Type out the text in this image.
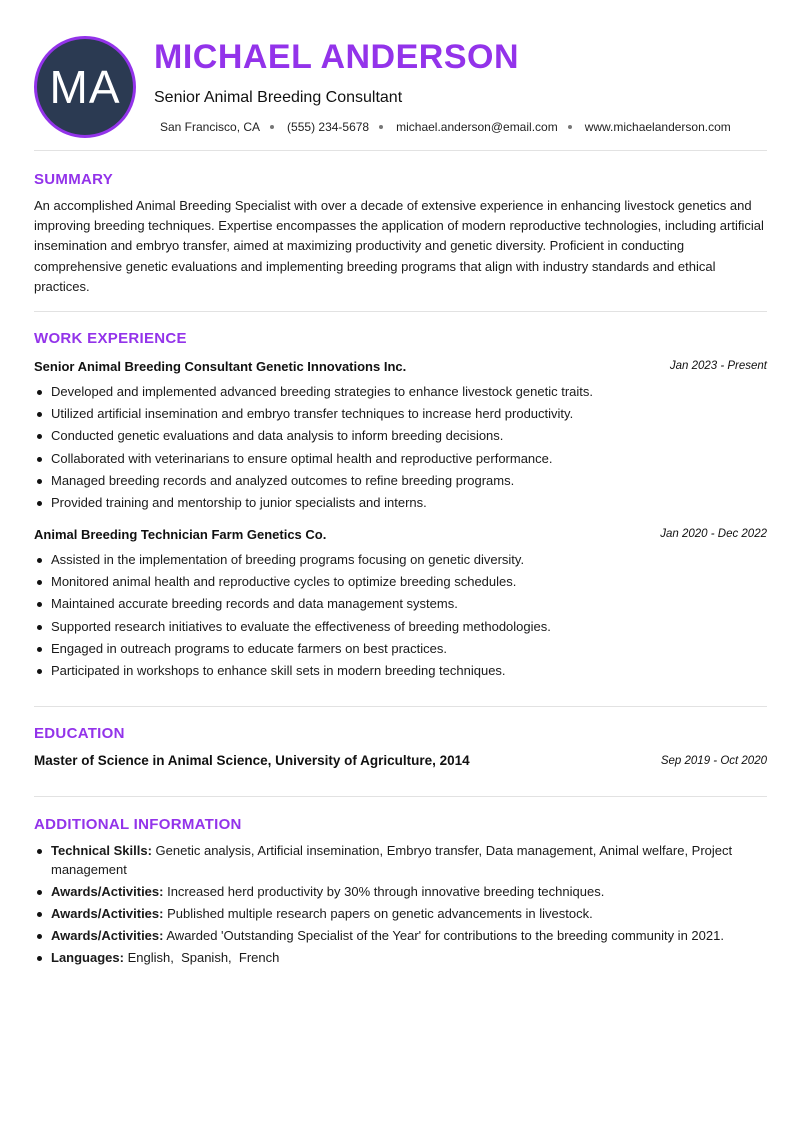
MA
MICHAEL ANDERSON
Senior Animal Breeding Consultant
San Francisco, CA (555) 234-5678 michael.anderson@email.com www.michaelanderson.com
SUMMARY

An accomplished Animal Breeding Specialist with over a decade of extensive experience in enhancing livestock genetics and improving breeding techniques. Expertise encompasses the application of modern reproductive technologies, including artificial insemination and embryo transfer, aimed at maximizing productivity and genetic diversity. Proficient in conducting comprehensive genetic evaluations and implementing breeding programs that align with industry standards and ethical practices.

WORK EXPERIENCE
Senior Animal Breeding Consultant Genetic Innovations Inc.	Jan 2023 - Present
Developed and implemented advanced breeding strategies to enhance livestock genetic traits.
Utilized artificial insemination and embryo transfer techniques to increase herd productivity.
Conducted genetic evaluations and data analysis to inform breeding decisions.
Collaborated with veterinarians to ensure optimal health and reproductive performance.
Managed breeding records and analyzed outcomes to refine breeding programs.
Provided training and mentorship to junior specialists and interns.
Animal Breeding Technician Farm Genetics Co.	Jan 2020 - Dec 2022
Assisted in the implementation of breeding programs focusing on genetic diversity.
Monitored animal health and reproductive cycles to optimize breeding schedules.
Maintained accurate breeding records and data management systems.
Supported research initiatives to evaluate the effectiveness of breeding methodologies.
Engaged in outreach programs to educate farmers on best practices.
Participated in workshops to enhance skill sets in modern breeding techniques.
EDUCATION
Master of Science in Animal Science, University of Agriculture, 2014	Sep 2019 - Oct 2020
ADDITIONAL INFORMATION
Technical Skills: Genetic analysis, Artificial insemination, Embryo transfer, Data management, Animal welfare, Project management
Awards/Activities: Increased herd productivity by 30% through innovative breeding techniques.
Awards/Activities: Published multiple research papers on genetic advancements in livestock.
Awards/Activities: Awarded 'Outstanding Specialist of the Year' for contributions to the breeding community in 2021.
Languages: English,  Spanish,  French
